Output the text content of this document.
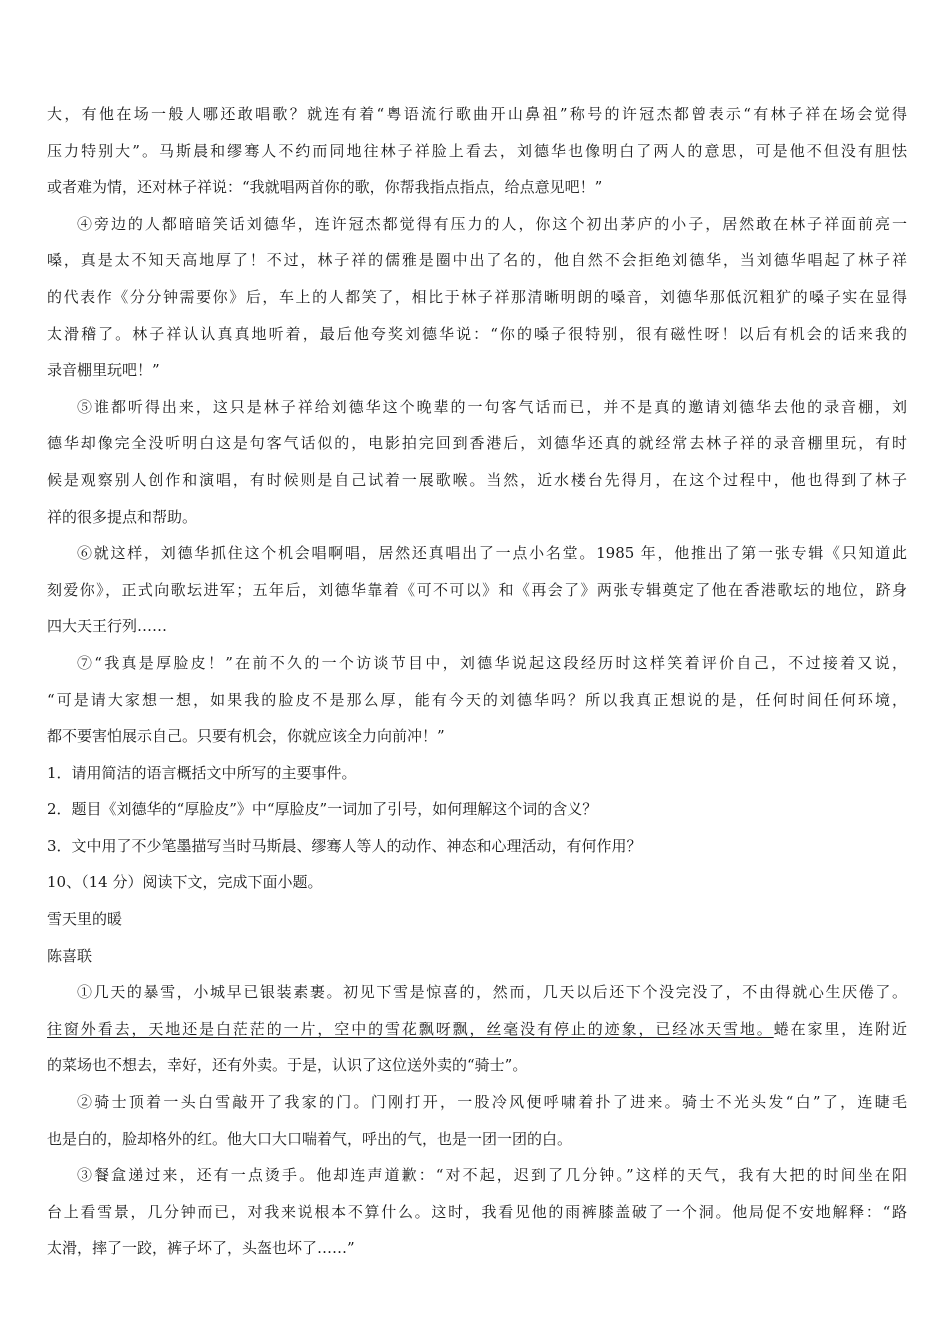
大，有他在场一般人哪还敢唱歌？就连有着“粤语流行歌曲开山鼻祖”称号的许冠杰都曾表示“有林子祥在场会觉得
压力特别大”。马斯晨和缪骞人不约而同地往林子祥脸上看去，刘德华也像明白了两人的意思，可是他不但没有胆怯
或者难为情，还对林子祥说：“我就唱两首你的歌，你帮我指点指点，给点意见吧！”
④旁边的人都暗暗笑话刘德华，连许冠杰都觉得有压力的人，你这个初出茅庐的小子，居然敢在林子祥面前亮一
嗓，真是太不知天高地厚了！不过，林子祥的儒雅是圈中出了名的，他自然不会拒绝刘德华，当刘德华唱起了林子祥
的代表作《分分钟需要你》后，车上的人都笑了，相比于林子祥那清晰明朗的嗓音，刘德华那低沉粗犷的嗓子实在显得
太滑稽了。林子祥认认真真地听着，最后他夸奖刘德华说：“你的嗓子很特别，很有磁性呀！以后有机会的话来我的
录音棚里玩吧！”
⑤谁都听得出来，这只是林子祥给刘德华这个晚辈的一句客气话而已，并不是真的邀请刘德华去他的录音棚，刘
德华却像完全没听明白这是句客气话似的，电影拍完回到香港后，刘德华还真的就经常去林子祥的录音棚里玩，有时
候是观察别人创作和演唱，有时候则是自己试着一展歌喉。当然，近水楼台先得月，在这个过程中，他也得到了林子
祥的很多提点和帮助。
⑥就这样，刘德华抓住这个机会唱啊唱，居然还真唱出了一点小名堂。1985 年，他推出了第一张专辑《只知道此
刻爱你》，正式向歌坛进军；五年后，刘德华靠着《可不可以》和《再会了》两张专辑奠定了他在香港歌坛的地位，跻身
四大天王行列……
⑦“我真是厚脸皮！”在前不久的一个访谈节目中，刘德华说起这段经历时这样笑着评价自己，不过接着又说，
“可是请大家想一想，如果我的脸皮不是那么厚，能有今天的刘德华吗？所以我真正想说的是，任何时间任何环境，
都不要害怕展示自己。只要有机会，你就应该全力向前冲！”
1．请用简洁的语言概括文中所写的主要事件。
2．题目《刘德华的“厚脸皮”》中“厚脸皮”一词加了引号，如何理解这个词的含义？
3．文中用了不少笔墨描写当时马斯晨、缪骞人等人的动作、神态和心理活动，有何作用？
10、（14 分）阅读下文，完成下面小题。
雪天里的暖
陈喜联
①几天的暴雪，小城早已银装素裹。初见下雪是惊喜的，然而，几天以后还下个没完没了，不由得就心生厌倦了。
往窗外看去，天地还是白茫茫的一片，空中的雪花飘呀飘，丝毫没有停止的迹象，已经冰天雪地。蜷在家里，连附近
的菜场也不想去，幸好，还有外卖。于是，认识了这位送外卖的“骑士”。
②骑士顶着一头白雪敲开了我家的门。门刚打开，一股冷风便呼啸着扑了进来。骑士不光头发“白”了，连睫毛
也是白的，脸却格外的红。他大口大口喘着气，呼出的气，也是一团一团的白。
③餐盒递过来，还有一点烫手。他却连声道歉：“对不起，迟到了几分钟。”这样的天气，我有大把的时间坐在阳
台上看雪景，几分钟而已，对我来说根本不算什么。这时，我看见他的雨裤膝盖破了一个洞。他局促不安地解释：“路
太滑，摔了一跤，裤子坏了，头盔也坏了……”
